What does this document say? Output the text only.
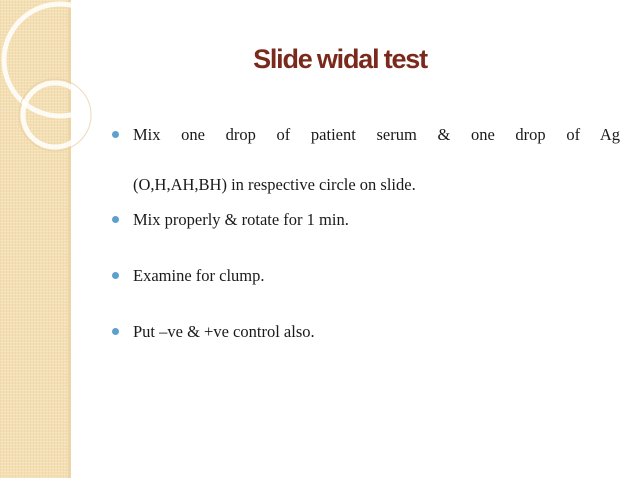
Slide widal test
Mix one drop of patient serum & one drop of Ag
(O,H,AH,BH) in respective circle on slide.
Mix properly & rotate for 1 min.
Examine for clump.
Put –ve & +ve control also.
